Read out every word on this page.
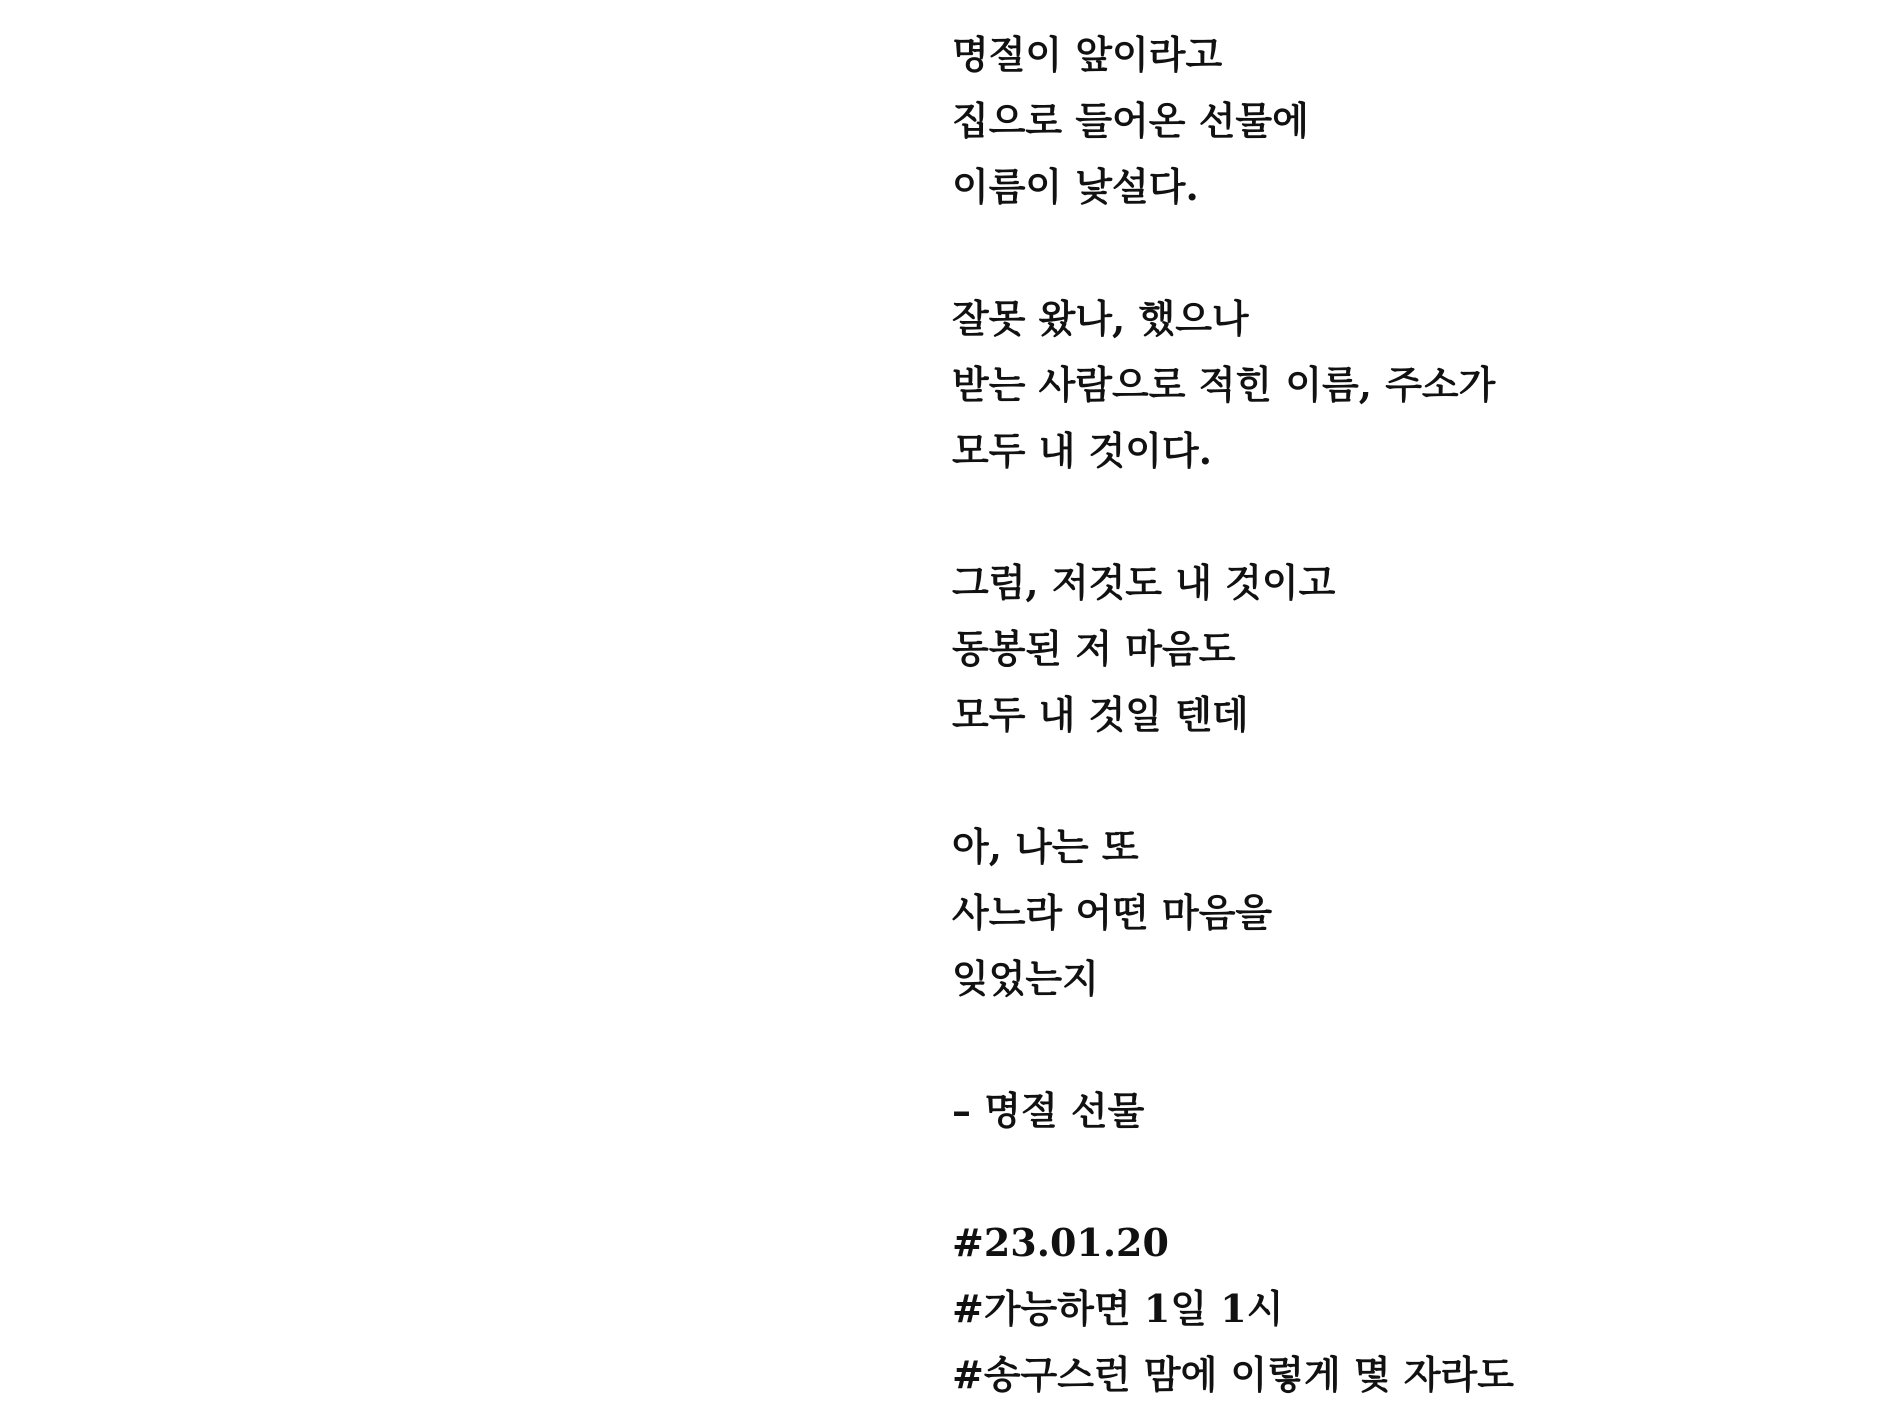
명절이 앞이라고
집으로 들어온 선물에
이름이 낯설다.
잘못 왔나, 했으나
받는 사람으로 적힌 이름, 주소가
모두 내 것이다.
그럼, 저것도 내 것이고
동봉된 저 마음도
모두 내 것일 텐데
아, 나는 또
사느라 어떤 마음을
잊었는지
– 명절 선물
#23.01.20
#가능하면 1일 1시
#송구스런 맘에 이렇게 몇 자라도
